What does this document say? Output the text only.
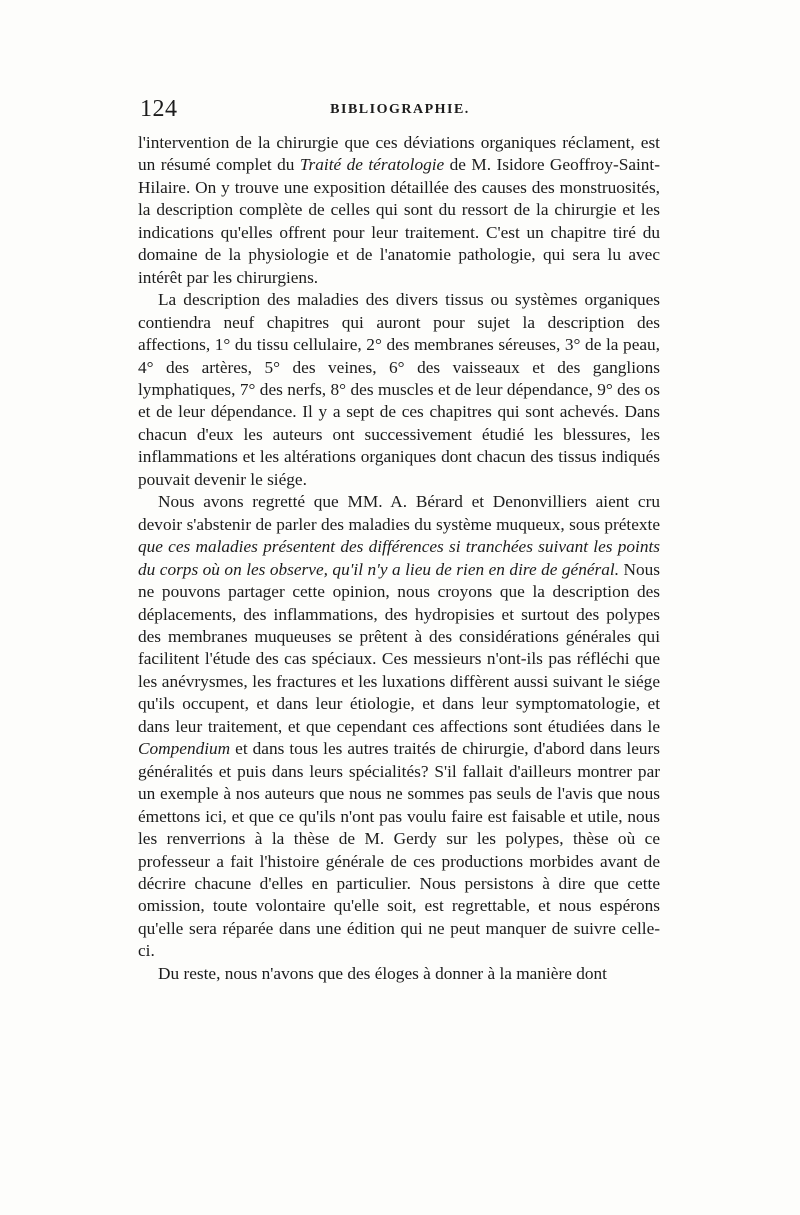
124	BIBLIOGRAPHIE.

l'intervention de la chirurgie que ces déviations organiques réclament, est un résumé complet du Traité de tératologie de M. Isidore Geoffroy-Saint-Hilaire. On y trouve une exposition détaillée des causes des monstruosités, la description complète de celles qui sont du ressort de la chirurgie et les indications qu'elles offrent pour leur traitement. C'est un chapitre tiré du domaine de la physiologie et de l'anatomie pathologie, qui sera lu avec intérêt par les chirurgiens.

La description des maladies des divers tissus ou systèmes organiques contiendra neuf chapitres qui auront pour sujet la description des affections, 1° du tissu cellulaire, 2° des membranes séreuses, 3° de la peau, 4° des artères, 5° des veines, 6° des vaisseaux et des ganglions lymphatiques, 7° des nerfs, 8° des muscles et de leur dépendance, 9° des os et de leur dépendance. Il y a sept de ces chapitres qui sont achevés. Dans chacun d'eux les auteurs ont successivement étudié les blessures, les inflammations et les altérations organiques dont chacun des tissus indiqués pouvait devenir le siége.

Nous avons regretté que MM. A. Bérard et Denonvilliers aient cru devoir s'abstenir de parler des maladies du système muqueux, sous prétexte que ces maladies présentent des différences si tranchées suivant les points du corps où on les observe, qu'il n'y a lieu de rien en dire de général. Nous ne pouvons partager cette opinion, nous croyons que la description des déplacements, des inflammations, des hydropisies et surtout des polypes des membranes muqueuses se prêtent à des considérations générales qui facilitent l'étude des cas spéciaux. Ces messieurs n'ont-ils pas réfléchi que les anévrysmes, les fractures et les luxations diffèrent aussi suivant le siége qu'ils occupent, et dans leur étiologie, et dans leur symptomatologie, et dans leur traitement, et que cependant ces affections sont étudiées dans le Compendium et dans tous les autres traités de chirurgie, d'abord dans leurs généralités et puis dans leurs spécialités? S'il fallait d'ailleurs montrer par un exemple à nos auteurs que nous ne sommes pas seuls de l'avis que nous émettons ici, et que ce qu'ils n'ont pas voulu faire est faisable et utile, nous les renverrions à la thèse de M. Gerdy sur les polypes, thèse où ce professeur a fait l'histoire générale de ces productions morbides avant de décrire chacune d'elles en particulier. Nous persistons à dire que cette omission, toute volontaire qu'elle soit, est regrettable, et nous espérons qu'elle sera réparée dans une édition qui ne peut manquer de suivre celle-ci.

Du reste, nous n'avons que des éloges à donner à la manière dont
